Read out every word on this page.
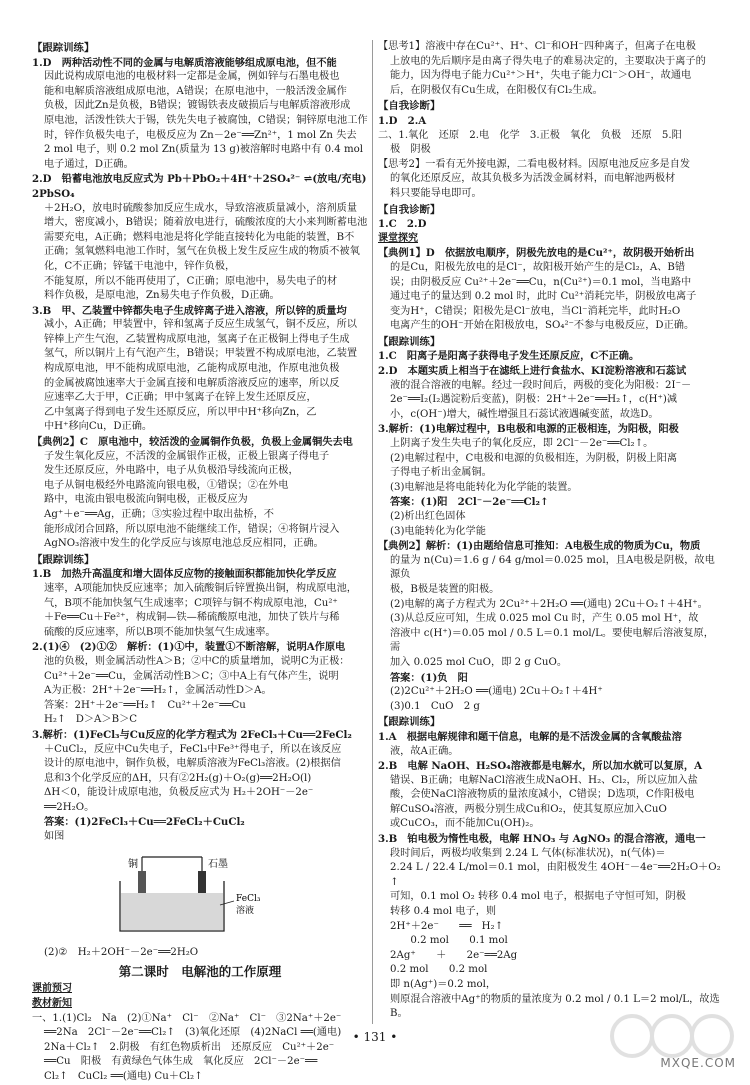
【跟踪训练】
1.D　两种活动性不同的金属与电解质溶液能够组成原电池，但不能
因此说构成原电池的电极材料一定都是金属，例如锌与石墨电极也
能和电解质溶液组成原电池，A错误；在原电池中，一般活泼金属作
负极，因此Zn是负极，B错误；镀锡铁表皮破损后与电解质溶液形成
原电池，活泼性铁大于锡，铁先失电子被腐蚀，C错误；铜锌原电池工作
时，锌作负极失电子，电极反应为 Zn－2e⁻══Zn²⁺，1 mol Zn 失去
2 mol 电子，则 0.2 mol Zn(质量为 13 g)被溶解时电路中有 0.4 mol
电子通过，D正确。
2.D　铅蓄电池放电反应式为 Pb＋PbO₂＋4H⁺＋2SO₄²⁻ ⇌(放电/充电) 2PbSO₄
＋2H₂O，放电时硫酸参加反应生成水，导致溶液质量减小，溶剂质量
增大，密度减小，B错误；随着放电进行，硫酸浓度的大小来判断蓄电池需要充电，A正确；燃料电池是将化学能直接转化为电能的装置，B不
正确；氢氧燃料电池工作时，氢气在负极上发生反应生成的物质不被氧化，C不正确；锌锰干电池中，锌作负极，
不能复原，所以不能再使用了，C正确；原电池中，易失电子的材
料作负极，是原电池，Zn易失电子作负极，D正确。
3.B　甲、乙装置中锌都失电子生成锌离子进入溶液，所以锌的质量均
减小，A正确；甲装置中，锌和氢离子反应生成氢气，铜不反应，所以
锌棒上产生气泡，乙装置构成原电池，氢离子在正极铜上得电子生成
氢气，所以铜片上有气泡产生，B错误；甲装置不构成原电池，乙装置
构成原电池，甲不能构成原电池，乙能构成原电池，作原电池负极
的金属被腐蚀速率大于金属直接和电解质溶液反应的速率，所以反
应速率乙大于甲，C正确；甲中氢离子在锌上发生还原反应，
乙中氢离子得到电子发生还原反应，所以甲中H⁺移向Zn，乙
中H⁺移向Cu，D正确。
【典例2】C　原电池中，较活泼的金属铜作负极，负极上金属铜失去电
子发生氧化反应，不活泼的金属银作正极，正极上银离子得电子
发生还原反应，外电路中，电子从负极沿导线流向正极，
电子从铜电极经外电路流向银电极，①错误；②在外电
路中，电流由银电极流向铜电极，正极反应为
Ag⁺＋e⁻══Ag，正确；③实验过程中取出盐桥，不
能形成闭合回路，所以原电池不能继续工作，错误；④将铜片浸入
AgNO₃溶液中发生的化学反应与该原电池总反应相同，正确。
【跟踪训练】
1.B　加热升高温度和增大固体反应物的接触面积都能加快化学反应
速率，A项能加快反应速率；加入硫酸铜后锌置换出铜，构成原电池，
气，B项不能加快氢气生成速率；C项锌与铜不构成原电池，Cu²⁺
＋Fe══Cu＋Fe²⁺，构成铜—铁—稀硫酸原电池，加快了铁片与稀
硫酸的反应速率，所以B项不能加快氢气生成速率。
2.(1)④　(2)①②　解析：(1)①中，装置①不断溶解，说明A作原电
池的负极，则金属活动性A＞B；②中C的质量增加，说明C为正极：
Cu²⁺＋2e⁻══Cu，金属活动性B＞C；③中A上有气体产生，说明
A为正极：2H⁺＋2e⁻══H₂↑，金属活动性D＞A。
答案：2H⁺＋2e⁻══H₂↑　Cu²⁺＋2e⁻══Cu
H₂↑　D＞A＞B＞C
3.解析：(1)FeCl₃与Cu反应的化学方程式为 2FeCl₃＋Cu══2FeCl₂
＋CuCl₂，反应中Cu失电子，FeCl₃中Fe³⁺得电子，所以在该反应
设计的原电池中，铜作负极，电解质溶液为FeCl₃溶液。(2)根据信
息和3个化学反应的ΔH，只有②2H₂(g)＋O₂(g)══2H₂O(l)
ΔH＜0，能设计成原电池，负极反应式为 H₂＋2OH⁻－2e⁻
══2H₂O。
答案：(1)2FeCl₃＋Cu══2FeCl₂＋CuCl₂
如图
铜	石墨
FeCl₃
溶液
(2)②　H₂＋2OH⁻－2e⁻══2H₂O
第二课时　电解池的工作原理
课前预习
教材新知
一、1.(1)Cl₂　Na　(2)①Na⁺　Cl⁻　②Na⁺　Cl⁻　③2Na⁺＋2e⁻
══2Na　2Cl⁻－2e⁻══Cl₂↑　(3)氧化还原　(4)2NaCl ══(通电)
2Na＋Cl₂↑　2.阴极　有红色物质析出　还原反应　Cu²⁺＋2e⁻
══Cu　阳极　有黄绿色气体生成　氧化反应　2Cl⁻－2e⁻══
Cl₂↑　CuCl₂ ══(通电) Cu＋Cl₂↑
【思考1】溶液中存在Cu²⁺、H⁺、Cl⁻和OH⁻四种离子，但离子在电极
上放电的先后顺序是由离子得失电子的难易决定的，主要取决于离子的
能力，因为得电子能力Cu²⁺＞H⁺，失电子能力Cl⁻＞OH⁻，故通电
后，在阴极仅有Cu生成，在阳极仅有Cl₂生成。
【自我诊断】
1.D　2.A
二、1.氧化　还原　2.电　化学　3.正极　氧化　负极　还原　5.阳
极　阴极
【思考2】一看有无外接电源，二看电极材料。因原电池反应多是自发
的氧化还原反应，故其负极多为活泼金属材料，而电解池两极材
料只要能导电即可。
【自我诊断】
1.C　2.D
课堂探究
【典例1】D　依据放电顺序，阴极先放电的是Cu²⁺，故阴极开始析出
的是Cu，阳极先放电的是Cl⁻，故阳极开始产生的是Cl₂，A、B错
误；由阴极反应 Cu²⁺＋2e⁻══Cu，n(Cu²⁺)＝0.1 mol，当电路中
通过电子的量达到 0.2 mol 时，此时 Cu²⁺消耗完毕，阴极放电离子
变为H⁺，C错误；阳极先是Cl⁻放电，当Cl⁻消耗完毕，此时H₂O
电离产生的OH⁻开始在阳极放电，SO₄²⁻不参与电极反应，D正确。
【跟踪训练】
1.C　阳离子是阳离子获得电子发生还原反应，C不正确。
2.D　本题实质上相当于在滤纸上进行食盐水、KI淀粉溶液和石蕊试
液的混合溶液的电解。经过一段时间后，两极的变化为阳极：2I⁻－
2e⁻══I₂(I₂遇淀粉后变蓝)，阴极：2H⁺＋2e⁻══H₂↑，c(H⁺)减
小，c(OH⁻)增大，碱性增强且石蕊试液遇碱变蓝，故选D。
3.解析：(1)电解过程中，B电极和电源的正极相连，为阳极，阳极
上阴离子发生失电子的氧化反应，即 2Cl⁻－2e⁻══Cl₂↑。
(2)电解过程中，C电极和电源的负极相连，为阴极，阴极上阳离
子得电子析出金属铜。
(3)电解池是将电能转化为化学能的装置。
答案：(1)阳　2Cl⁻－2e⁻══Cl₂↑
(2)析出红色固体
(3)电能转化为化学能
【典例2】解析：(1)由题给信息可推知：A电极生成的物质为Cu，物质
的量为 n(Cu)＝1.6 g / 64 g/mol＝0.025 mol，且A电极是阴极，故电源负
极，B极是装置的阳极。
(2)电解的离子方程式为 2Cu²⁺＋2H₂O ══(通电) 2Cu＋O₂↑＋4H⁺。
(3)从总反应可知，生成 0.025 mol Cu 时，产生 0.05 mol H⁺，故
溶液中 c(H⁺)＝0.05 mol / 0.5 L＝0.1 mol/L。要使电解后溶液复原，需
加入 0.025 mol CuO，即 2 g CuO。
答案：(1)负　阳
(2)2Cu²⁺＋2H₂O ══(通电) 2Cu＋O₂↑＋4H⁺
(3)0.1　CuO　2 g
【跟踪训练】
1.A　根据电解规律和题干信息，电解的是不活泼金属的含氧酸盐溶
液，故A正确。
2.B　电解 NaOH、H₂SO₄溶液都是电解水，所以加水就可以复原，A
错误、B正确；电解NaCl溶液生成NaOH、H₂、Cl₂，所以应加入盐
酸，会使NaCl溶液物质的量浓度减小，C错误；D选项，C作阳极电
解CuSO₄溶液，两极分别生成Cu和O₂，使其复原应加入CuO
或CuCO₃，而不能加Cu(OH)₂。
3.B　铂电极为惰性电极，电解 HNO₃ 与 AgNO₃ 的混合溶液，通电一
段时间后，两极均收集到 2.24 L 气体(标准状况)，n(气体)＝
2.24 L / 22.4 L/mol＝0.1 mol，由阳极发生 4OH⁻－4e⁻══2H₂O＋O₂↑
可知，0.1 mol O₂ 转移 0.4 mol 电子，根据电子守恒可知，阴极
转移 0.4 mol 电子，则
2H⁺＋2e⁻　　══　H₂↑
　　0.2 mol　　0.1 mol
2Ag⁺　　＋　　2e⁻══2Ag
0.2 mol　　0.2 mol
即 n(Ag⁺)＝0.2 mol，
则原混合溶液中Ag⁺的物质的量浓度为 0.2 mol / 0.1 L＝2 mol/L，故选B。
• 131 •
MXQE.COM
